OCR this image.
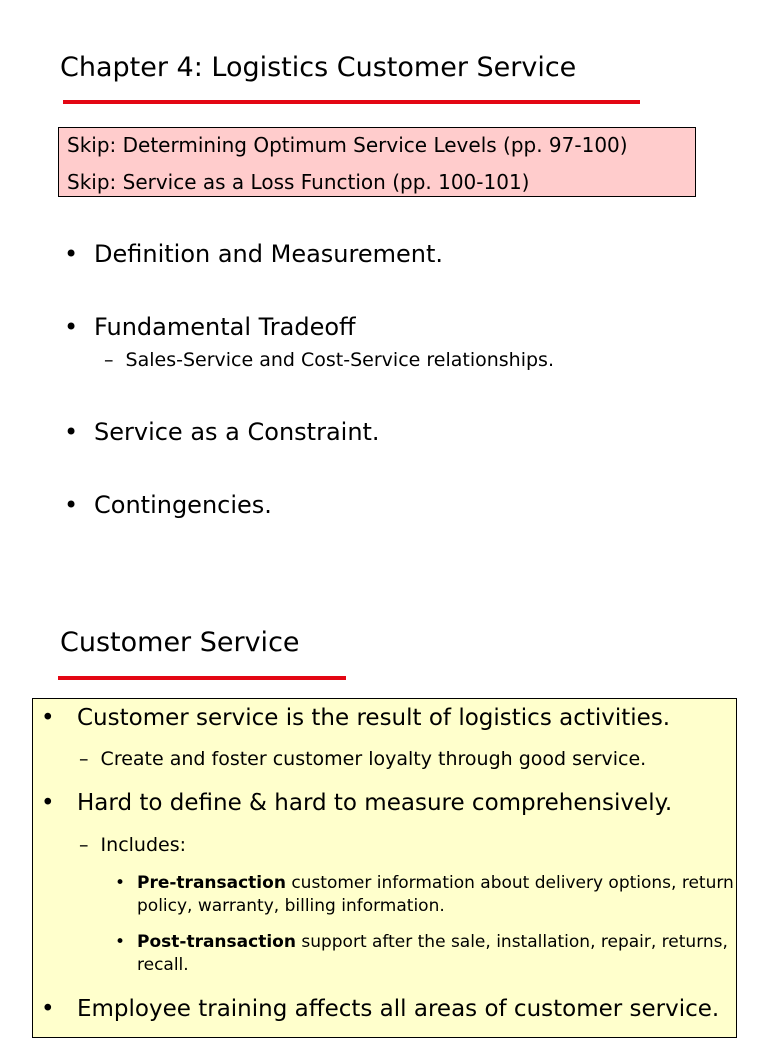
Chapter 4: Logistics Customer Service
Skip: Determining Optimum Service Levels (pp. 97-100)
Skip: Service as a Loss Function (pp. 100-101)
• Definition and Measurement.
• Fundamental Tradeoff
– Sales-Service and Cost-Service relationships.
• Service as a Constraint.
• Contingencies.
Customer Service
• Customer service is the result of logistics activities.
– Create and foster customer loyalty through good service.
• Hard to define & hard to measure comprehensively.
– Includes:
• Pre-transaction customer information about delivery options, return policy, warranty, billing information.
• Post-transaction support after the sale, installation, repair, returns, recall.
• Employee training affects all areas of customer service.
